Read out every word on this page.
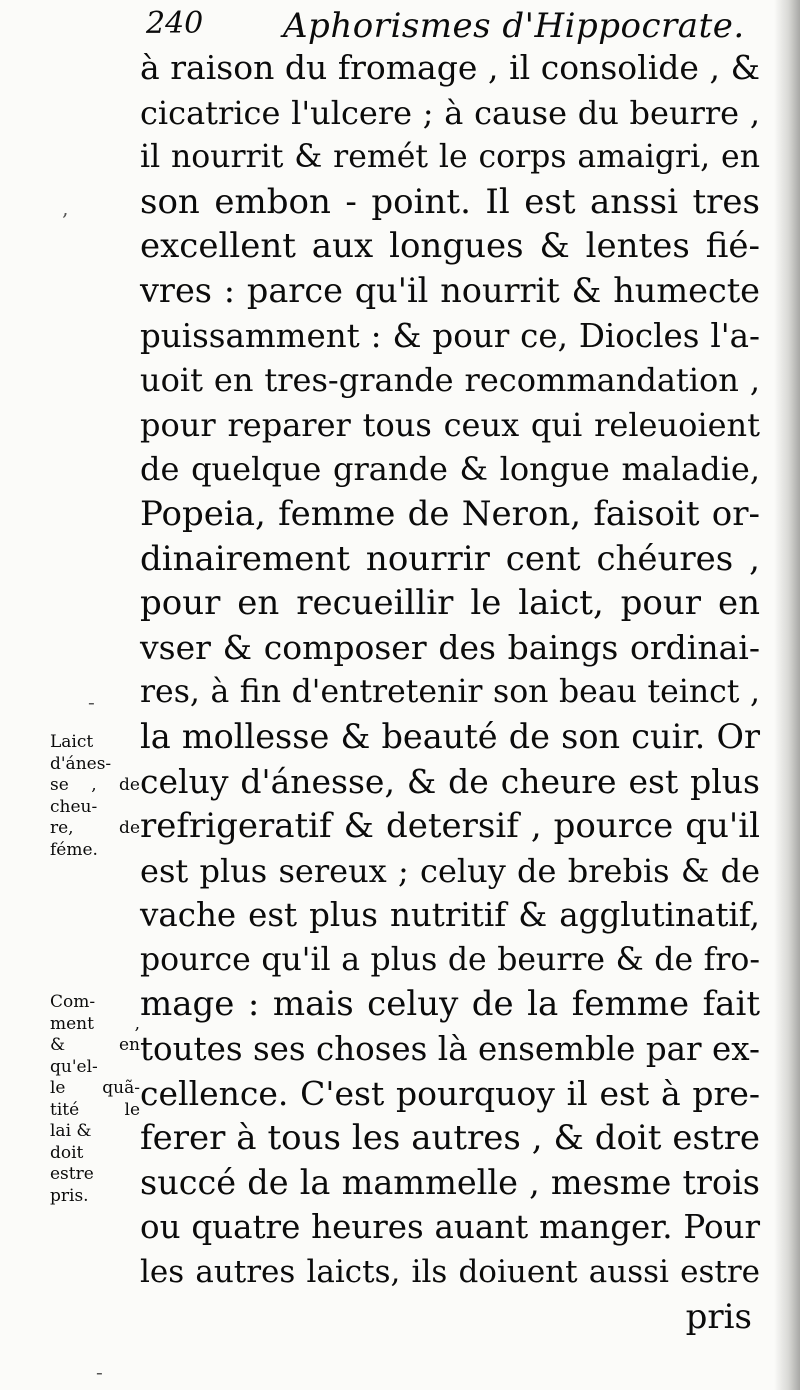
240 Aphorismes d'Hippocrate.
‚
-
-
Laict
d'ánes-
se , de
cheu-
re, de
féme.
Com-
ment ,
& en
qu'el-
le quã-
tité le
lai &
doit
estre
pris.
à raison du fromage , il consolide , &
cicatrice l'ulcere ; à cause du beurre ,
il nourrit & remét le corps amaigri, en
son embon - point. Il est anssi tres
excellent aux longues & lentes fié-
vres : parce qu'il nourrit & humecte
puissamment : & pour ce, Diocles l'a-
uoit en tres-grande recommandation ,
pour reparer tous ceux qui releuoient
de quelque grande & longue maladie,
Popeia, femme de Neron, faisoit or-
dinairement nourrir cent chéures ,
pour en recueillir le laict, pour en
vser & composer des baings ordinai-
res, à fin d'entretenir son beau teinct ,
la mollesse & beauté de son cuir. Or
celuy d'ánesse, & de cheure est plus
refrigeratif & detersif , pource qu'il
est plus sereux ; celuy de brebis & de
vache est plus nutritif & agglutinatif,
pource qu'il a plus de beurre & de fro-
mage : mais celuy de la femme fait
toutes ses choses là ensemble par ex-
cellence. C'est pourquoy il est à pre-
ferer à tous les autres , & doit estre
succé de la mammelle , mesme trois
ou quatre heures auant manger. Pour
les autres laicts, ils doiuent aussi estre
pris
